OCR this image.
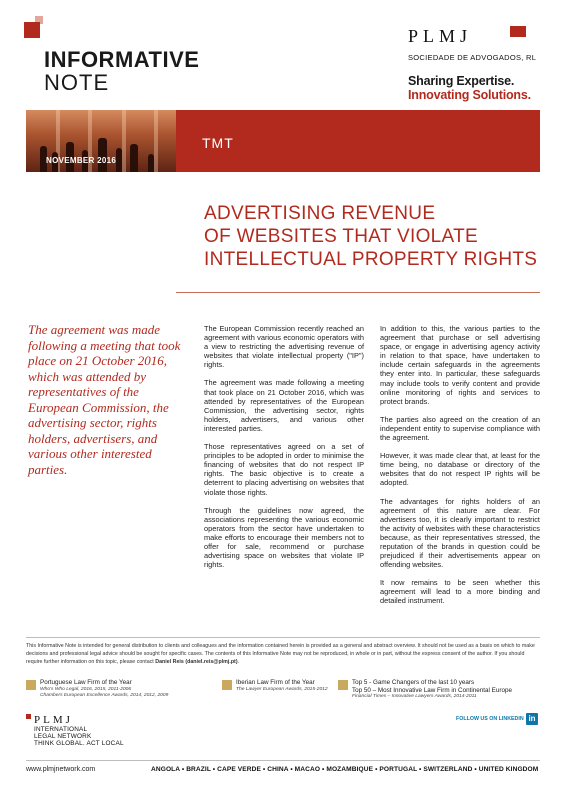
INFORMATIVE
NOTE
PLMJ
SOCIEDADE DE ADVOGADOS, RL
Sharing Expertise.
Innovating Solutions.
NOVEMBER 2016
TMT
ADVERTISING REVENUE
OF WEBSITES THAT VIOLATE
INTELLECTUAL PROPERTY RIGHTS
The agreement was made following a meeting that took place on 21 October 2016, which was attended by representatives of the European Commission, the advertising sector, rights holders, advertisers, and various other interested parties.

The European Commission recently reached an agreement with various economic operators with a view to restricting the advertising revenue of websites that violate intellectual property ("IP") rights.

The agreement was made following a meeting that took place on 21 October 2016, which was attended by representatives of the European Commission, the advertising sector, rights holders, advertisers, and various other interested parties.

Those representatives agreed on a set of principles to be adopted in order to minimise the financing of websites that do not respect IP rights. The basic objective is to create a deterrent to placing advertising on websites that violate those rights.

Through the guidelines now agreed, the associations representing the various economic operators from the sector have undertaken to make efforts to encourage their members not to offer for sale, recommend or purchase advertising space on websites that violate IP rights.

In addition to this, the various parties to the agreement that purchase or sell advertising space, or engage in advertising agency activity in relation to that space, have undertaken to include certain safeguards in the agreements they enter into. In particular, these safeguards may include tools to verify content and provide online monitoring of rights and services to protect brands.

The parties also agreed on the creation of an independent entity to supervise compliance with the agreement.

However, it was made clear that, at least for the time being, no database or directory of the websites that do not respect IP rights will be adopted.

The advantages for rights holders of an agreement of this nature are clear. For advertisers too, it is clearly important to restrict the activity of websites with these characteristics because, as their representatives stressed, the reputation of the brands in question could be prejudiced if their advertisements appear on offending websites.

It now remains to be seen whether this agreement will lead to a more binding and detailed instrument.

This Informative Note is intended for general distribution to clients and colleagues and the information contained herein is provided as a general and abstract overview. It should not be used as a basis on which to make decisions and professional legal advice should be sought for specific cases. The contents of this Informative Note may not be reproduced, in whole or in part, without the express consent of the author. If you should require further information on this topic, please contact Daniel Reis (daniel.reis@plmj.pt).
Portuguese Law Firm of the Year
Who's Who Legal, 2016, 2015, 2011-2006
Chambers European Excellence Awards, 2014, 2012, 2009
Iberian Law Firm of the Year
The Lawyer European Awards, 2015-2012
Top 5 - Game Changers of the last 10 years
Top 50 – Most Innovative Law Firm in Continental Europe
Financial Times – Innovative Lawyers Awards, 2014-2011
PLMJ
INTERNATIONAL
LEGAL NETWORK
THINK GLOBAL. ACT LOCAL
FOLLOW US ON LINKEDIN in
www.plmjnetwork.com	ANGOLA • BRAZIL • CAPE VERDE • CHINA • MACAO • MOZAMBIQUE • PORTUGAL • SWITZERLAND • UNITED KINGDOM
